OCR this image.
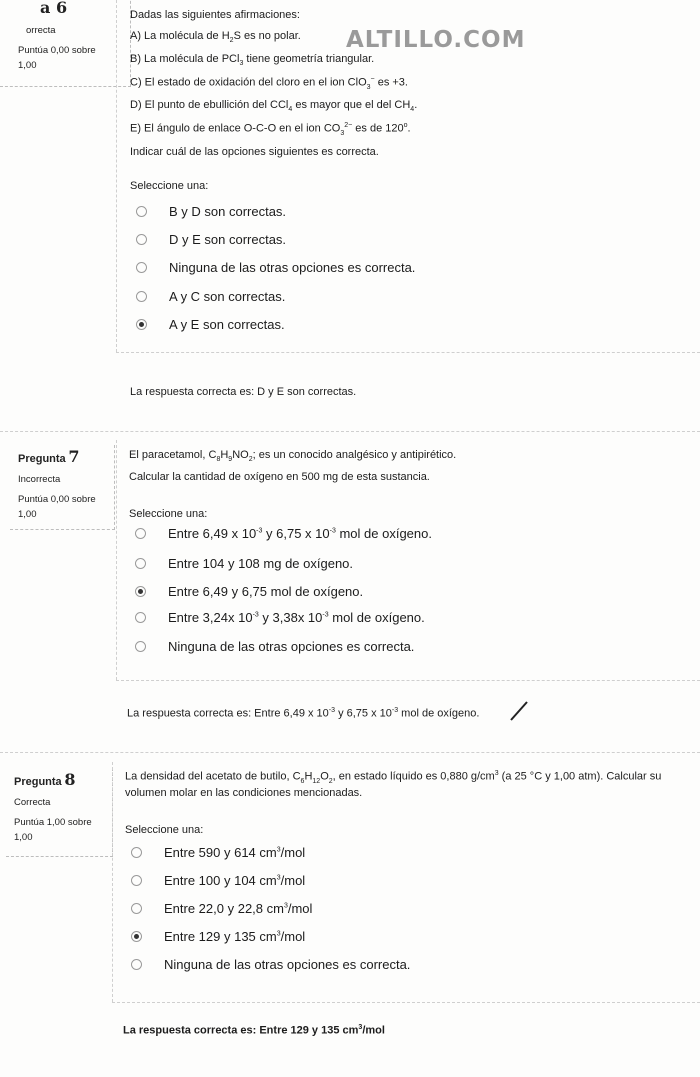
ALTILLO.COM
a 6
orrecta
Puntúa 0,00 sobre
1,00
Dadas las siguientes afirmaciones:
A) La molécula de $H_2S$ es no polar.
B) La molécula de PCl$_3$ tiene geometría triangular.
C) El estado de oxidación del cloro en el ion ClO$_3$− es +3.
D) El punto de ebullición del CCl$_4$ es mayor que el del $CH_4$.
E) El ángulo de enlace O-C-O en el ion $CO_3^{2-}$ es de 120$^o$.
Indicar cuál de las opciones siguientes es correcta.
Seleccione una:
B y D son correctas.
D y E son correctas.
Ninguna de las otras opciones es correcta.
A y C son correctas.
A y E son correctas.
La respuesta correcta es: D y E son correctas.
Pregunta 7
Incorrecta
Puntúa 0,00 sobre
1,00
El paracetamol, $C_8H_9NO_2$; es un conocido analgésico y antipirético.
Calcular la cantidad de oxígeno en 500 mg de esta sustancia.
Seleccione una:
Entre 6,49 x $10^{-3}$ y 6,75 x $10^{-3}$ mol de oxígeno.
Entre 104 y 108 mg de oxígeno.
Entre 6,49 y 6,75 mol de oxígeno.
Entre 3,24x $10^{-3}$ y 3,38x $10^{-3}$ mol de oxígeno.
Ninguna de las otras opciones es correcta.
La respuesta correcta es: Entre 6,49 x $10^{-3}$ y 6,75 x $10^{-3}$ mol de oxígeno.
Pregunta 8
Correcta
Puntúa 1,00 sobre
1,00
La densidad del acetato de butilo, $C_6H_{12}O_2$, en estado líquido es 0,880 $g/cm^3$ (a 25 °C y 1,00 atm). Calcular su
volumen molar en las condiciones mencionadas.
Seleccione una:
Entre 590 y 614 $cm^3$/mol
Entre 100 y 104 $cm^3$/mol
Entre 22,0 y 22,8 $cm^3$/mol
Entre 129 y 135 $cm^3$/mol
Ninguna de las otras opciones es correcta.
La respuesta correcta es: Entre 129 y 135 $cm^3$/mol
